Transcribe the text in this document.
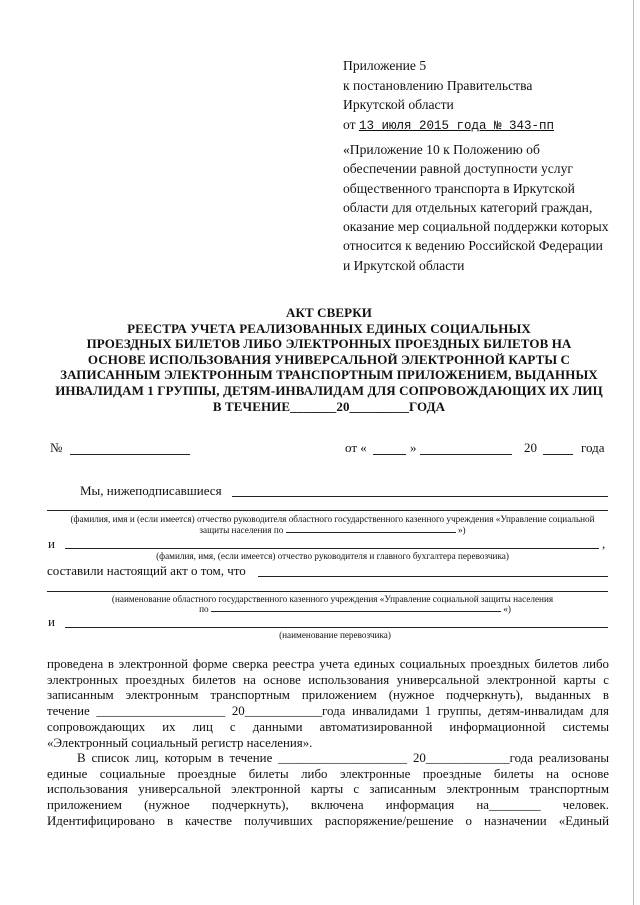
Приложение 5
к постановлению Правительства
Иркутской области
от 13 июля 2015 года № 343-пп
«Приложение 10 к Положению об обеспечении равной доступности услуг общественного транспорта в Иркутской области для отдельных категорий граждан, оказание мер социальной поддержки которых относится к ведению Российской Федерации и Иркутской области
АКТ СВЕРКИ
РЕЕСТРА УЧЕТА РЕАЛИЗОВАННЫХ ЕДИНЫХ СОЦИАЛЬНЫХ
ПРОЕЗДНЫХ БИЛЕТОВ ЛИБО ЭЛЕКТРОННЫХ ПРОЕЗДНЫХ БИЛЕТОВ НА
ОСНОВЕ ИСПОЛЬЗОВАНИЯ УНИВЕРСАЛЬНОЙ ЭЛЕКТРОННОЙ КАРТЫ С
ЗАПИСАННЫМ ЭЛЕКТРОННЫМ ТРАНСПОРТНЫМ ПРИЛОЖЕНИЕМ, ВЫДАННЫХ
ИНВАЛИДАМ 1 ГРУППЫ, ДЕТЯМ-ИНВАЛИДАМ ДЛЯ СОПРОВОЖДАЮЩИХ ИХ ЛИЦ
В ТЕЧЕНИЕ_______20_________ГОДА
№	от «	»	20	года
Мы, нижеподписавшиеся
(фамилия, имя и (если имеется) отчество руководителя областного государственного казенного учреждения «Управление социальной защиты населения по	»)
и	,
(фамилия, имя, (если имеется) отчество руководителя и главного бухгалтера перевозчика)
составили настоящий акт о том, что
(наименование областного государственного казенного учреждения «Управление социальной защиты населения
по	«)
и
(наименование перевозчика)
проведена в электронной форме сверка реестра учета единых социальных проездных билетов либо
электронных проездных билетов на основе использования универсальной электронной карты с
записанным электронным транспортным приложением (нужное подчеркнуть), выданных в
течение ____________________ 20____________года инвалидами 1 группы, детям-инвалидам для
сопровождающих их лиц с данными автоматизированной информационной системы
«Электронный социальный регистр населения».
В список лиц, которым в течение ____________________ 20_____________года реализованы
единые социальные проездные билеты либо электронные проездные билеты на основе
использования универсальной электронной карты с записанным электронным транспортным
приложением (нужное подчеркнуть), включена информация на________ человек.
Идентифицировано в качестве получивших распоряжение/решение о назначении «Единый
